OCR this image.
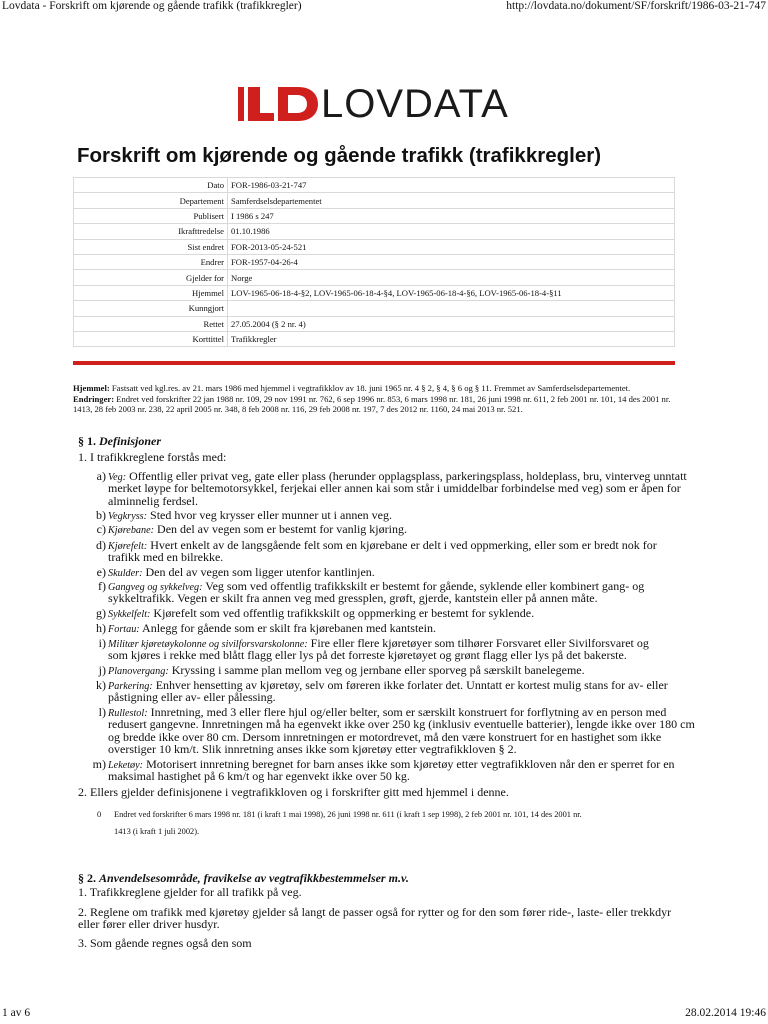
Lovdata - Forskrift om kjørende og gående trafikk (trafikkregler)	http://lovdata.no/dokument/SF/forskrift/1986-03-21-747
LOVDATA
Forskrift om kjørende og gående trafikk (trafikkregler)
Dato	FOR-1986-03-21-747
Departement	Samferdselsdepartementet
Publisert	I 1986 s 247
Ikrafttredelse	01.10.1986
Sist endret	FOR-2013-05-24-521
Endrer	FOR-1957-04-26-4
Gjelder for	Norge
Hjemmel	LOV-1965-06-18-4-§2, LOV-1965-06-18-4-§4, LOV-1965-06-18-4-§6, LOV-1965-06-18-4-§11
Kunngjort	
Rettet	27.05.2004 (§ 2 nr. 4)
Korttittel	Trafikkregler

Hjemmel: Fastsatt ved kgl.res. av 21. mars 1986 med hjemmel i vegtrafikklov av 18. juni 1965 nr. 4 § 2, § 4, § 6 og § 11. Fremmet av Samferdselsdepartementet.

Endringer: Endret ved forskrifter 22 jan 1988 nr. 109, 29 nov 1991 nr. 762, 6 sep 1996 nr. 853, 6 mars 1998 nr. 181, 26 juni 1998 nr. 611, 2 feb 2001 nr. 101, 14 des 2001 nr. 1413, 28 feb 2003 nr. 238, 22 april 2005 nr. 348, 8 feb 2008 nr. 116, 29 feb 2008 nr. 197, 7 des 2012 nr. 1160, 24 mai 2013 nr. 521.

§ 1. Definisjoner
1. I trafikkreglene forstås med:
a) Veg: Offentlig eller privat veg, gate eller plass (herunder opplagsplass, parkeringsplass, holdeplass, bru, vinterveg unntatt
merket løype for beltemotorsykkel, ferjekai eller annen kai som står i umiddelbar forbindelse med veg) som er åpen for
alminnelig ferdsel.
b) Vegkryss: Sted hvor veg krysser eller munner ut i annen veg.
c) Kjørebane: Den del av vegen som er bestemt for vanlig kjøring.
d) Kjørefelt: Hvert enkelt av de langsgående felt som en kjørebane er delt i ved oppmerking, eller som er bredt nok for
trafikk med en bilrekke.
e) Skulder: Den del av vegen som ligger utenfor kantlinjen.
f) Gangveg og sykkelveg: Veg som ved offentlig trafikkskilt er bestemt for gående, syklende eller kombinert gang- og
sykkeltrafikk. Vegen er skilt fra annen veg med gressplen, grøft, gjerde, kantstein eller på annen måte.
g) Sykkelfelt: Kjørefelt som ved offentlig trafikkskilt og oppmerking er bestemt for syklende.
h) Fortau: Anlegg for gående som er skilt fra kjørebanen med kantstein.
i) Militær kjøretøykolonne og sivilforsvarskolonne: Fire eller flere kjøretøyer som tilhører Forsvaret eller Sivilforsvaret og
som kjøres i rekke med blått flagg eller lys på det forreste kjøretøyet og grønt flagg eller lys på det bakerste.
j) Planovergang: Kryssing i samme plan mellom veg og jernbane eller sporveg på særskilt banelegeme.
k) Parkering: Enhver hensetting av kjøretøy, selv om føreren ikke forlater det. Unntatt er kortest mulig stans for av- eller
påstigning eller av- eller pålessing.
l) Rullestol: Innretning, med 3 eller flere hjul og/eller belter, som er særskilt konstruert for forflytning av en person med
redusert gangevne. Innretningen må ha egenvekt ikke over 250 kg (inklusiv eventuelle batterier), lengde ikke over 180 cm
og bredde ikke over 80 cm. Dersom innretningen er motordrevet, må den være konstruert for en hastighet som ikke
overstiger 10 km/t. Slik innretning anses ikke som kjøretøy etter vegtrafikkloven § 2.
m) Leketøy: Motorisert innretning beregnet for barn anses ikke som kjøretøy etter vegtrafikkloven når den er sperret for en
maksimal hastighet på 6 km/t og har egenvekt ikke over 50 kg.
2. Ellers gjelder definisjonene i vegtrafikkloven og i forskrifter gitt med hjemmel i denne.
0 Endret ved forskrifter 6 mars 1998 nr. 181 (i kraft 1 mai 1998), 26 juni 1998 nr. 611 (i kraft 1 sep 1998), 2 feb 2001 nr. 101, 14 des 2001 nr.
1413 (i kraft 1 juli 2002).
§ 2. Anvendelsesområde, fravikelse av vegtrafikkbestemmelser m.v.
1. Trafikkreglene gjelder for all trafikk på veg.
2. Reglene om trafikk med kjøretøy gjelder så langt de passer også for rytter og for den som fører ride-, laste- eller trekkdyr
eller fører eller driver husdyr.
3. Som gående regnes også den som
1 av 6	28.02.2014 19:46
